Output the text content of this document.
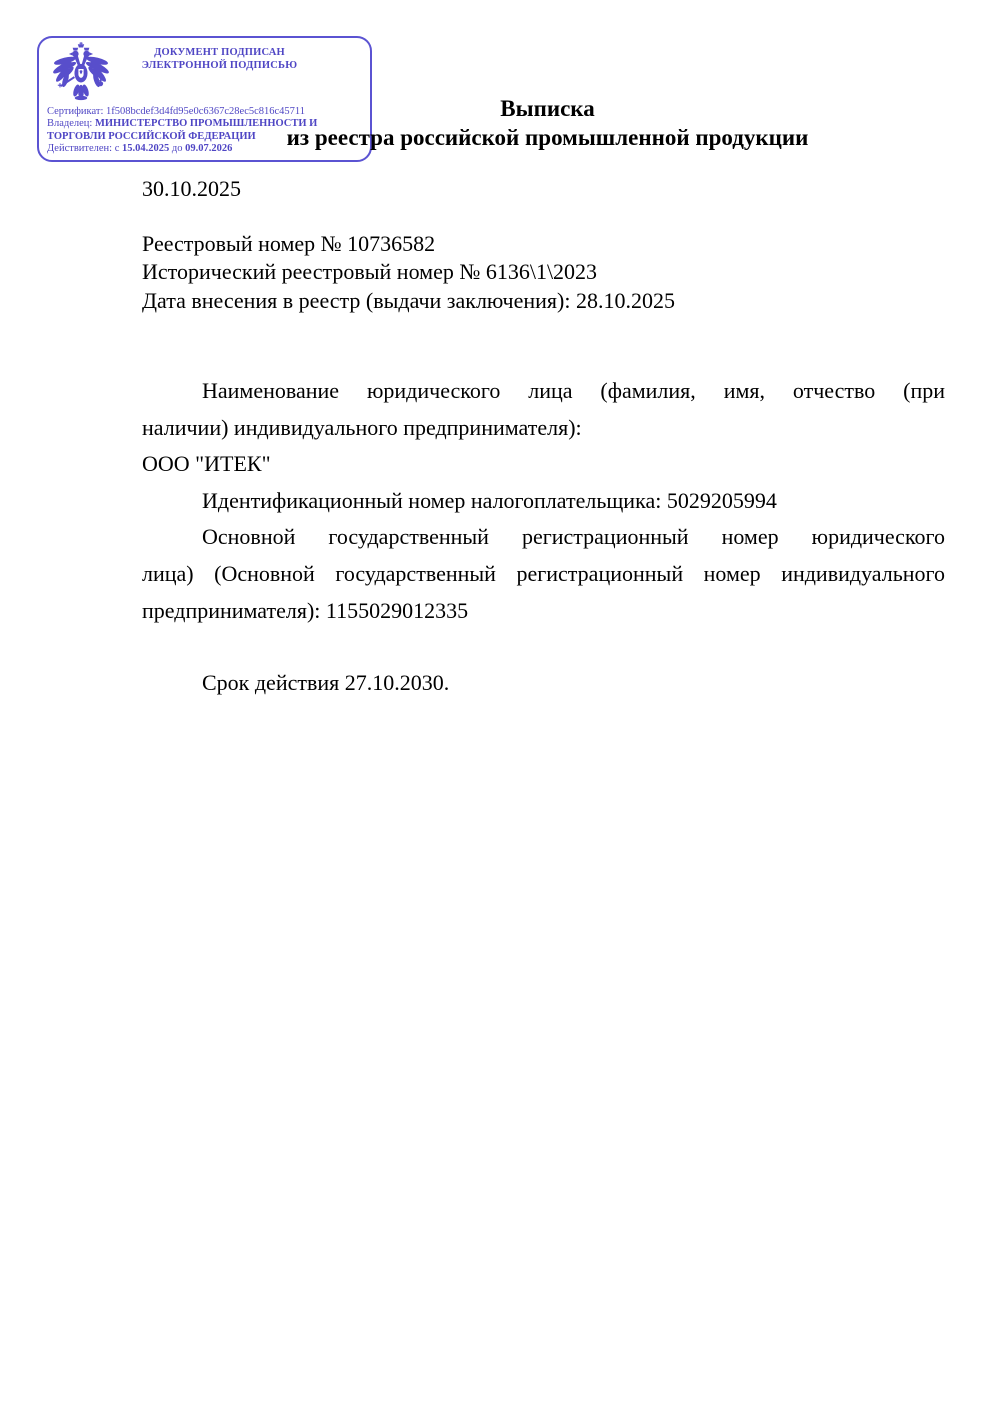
ДОКУМЕНТ ПОДПИСАН
ЭЛЕКТРОННОЙ ПОДПИСЬЮ
Сертификат: 1f508bcdef3d4fd95e0c6367c28ec5c816c45711
Владелец: МИНИСТЕРСТВО ПРОМЫШЛЕННОСТИ И
ТОРГОВЛИ РОССИЙСКОЙ ФЕДЕРАЦИИ
Действителен: с 15.04.2025 до 09.07.2026
Выписка
из реестра российской промышленной продукции
30.10.2025
Реестровый номер № 10736582
Исторический реестровый номер № 6136\1\2023
Дата внесения в реестр (выдачи заключения): 28.10.2025
Наименование юридического лица (фамилия, имя, отчество (при
наличии) индивидуального предпринимателя):
ООО "ИТЕК"
Идентификационный номер налогоплательщика: 5029205994
Основной государственный регистрационный номер юридического
лица) (Основной государственный регистрационный номер индивидуального
предпринимателя): 1155029012335
Срок действия 27.10.2030.
